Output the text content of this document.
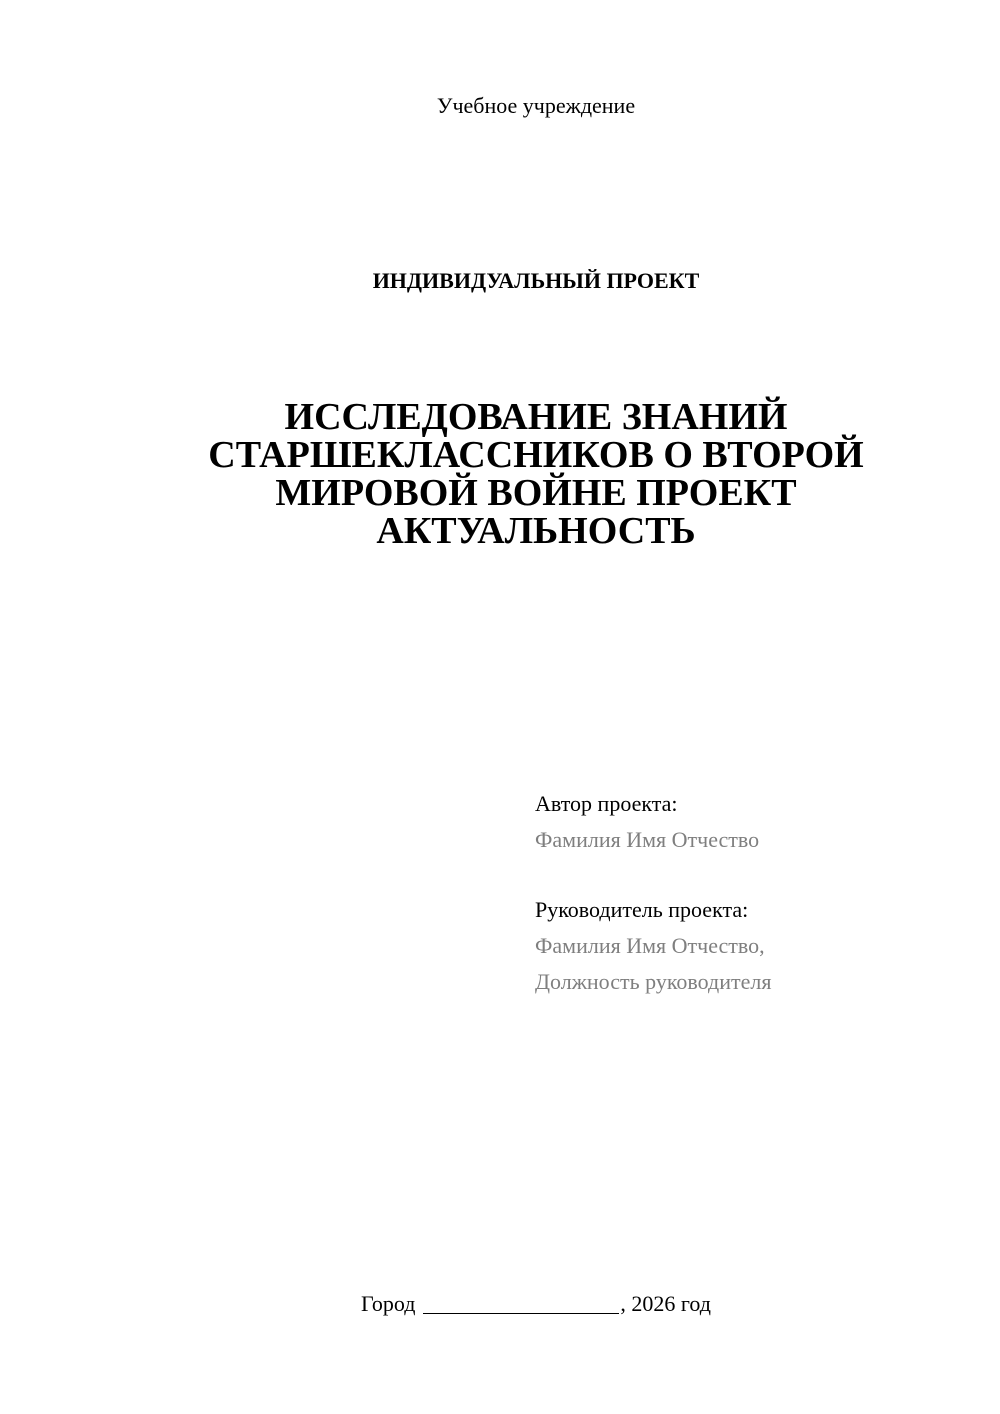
Учебное учреждение
ИНДИВИДУАЛЬНЫЙ ПРОЕКТ
ИССЛЕДОВАНИЕ ЗНАНИЙ
СТАРШЕКЛАССНИКОВ О ВТОРОЙ
МИРОВОЙ ВОЙНЕ ПРОЕКТ
АКТУАЛЬНОСТЬ
Автор проекта:
Фамилия Имя Отчество
Руководитель проекта:
Фамилия Имя Отчество,
Должность руководителя
Город	, 2026 год
